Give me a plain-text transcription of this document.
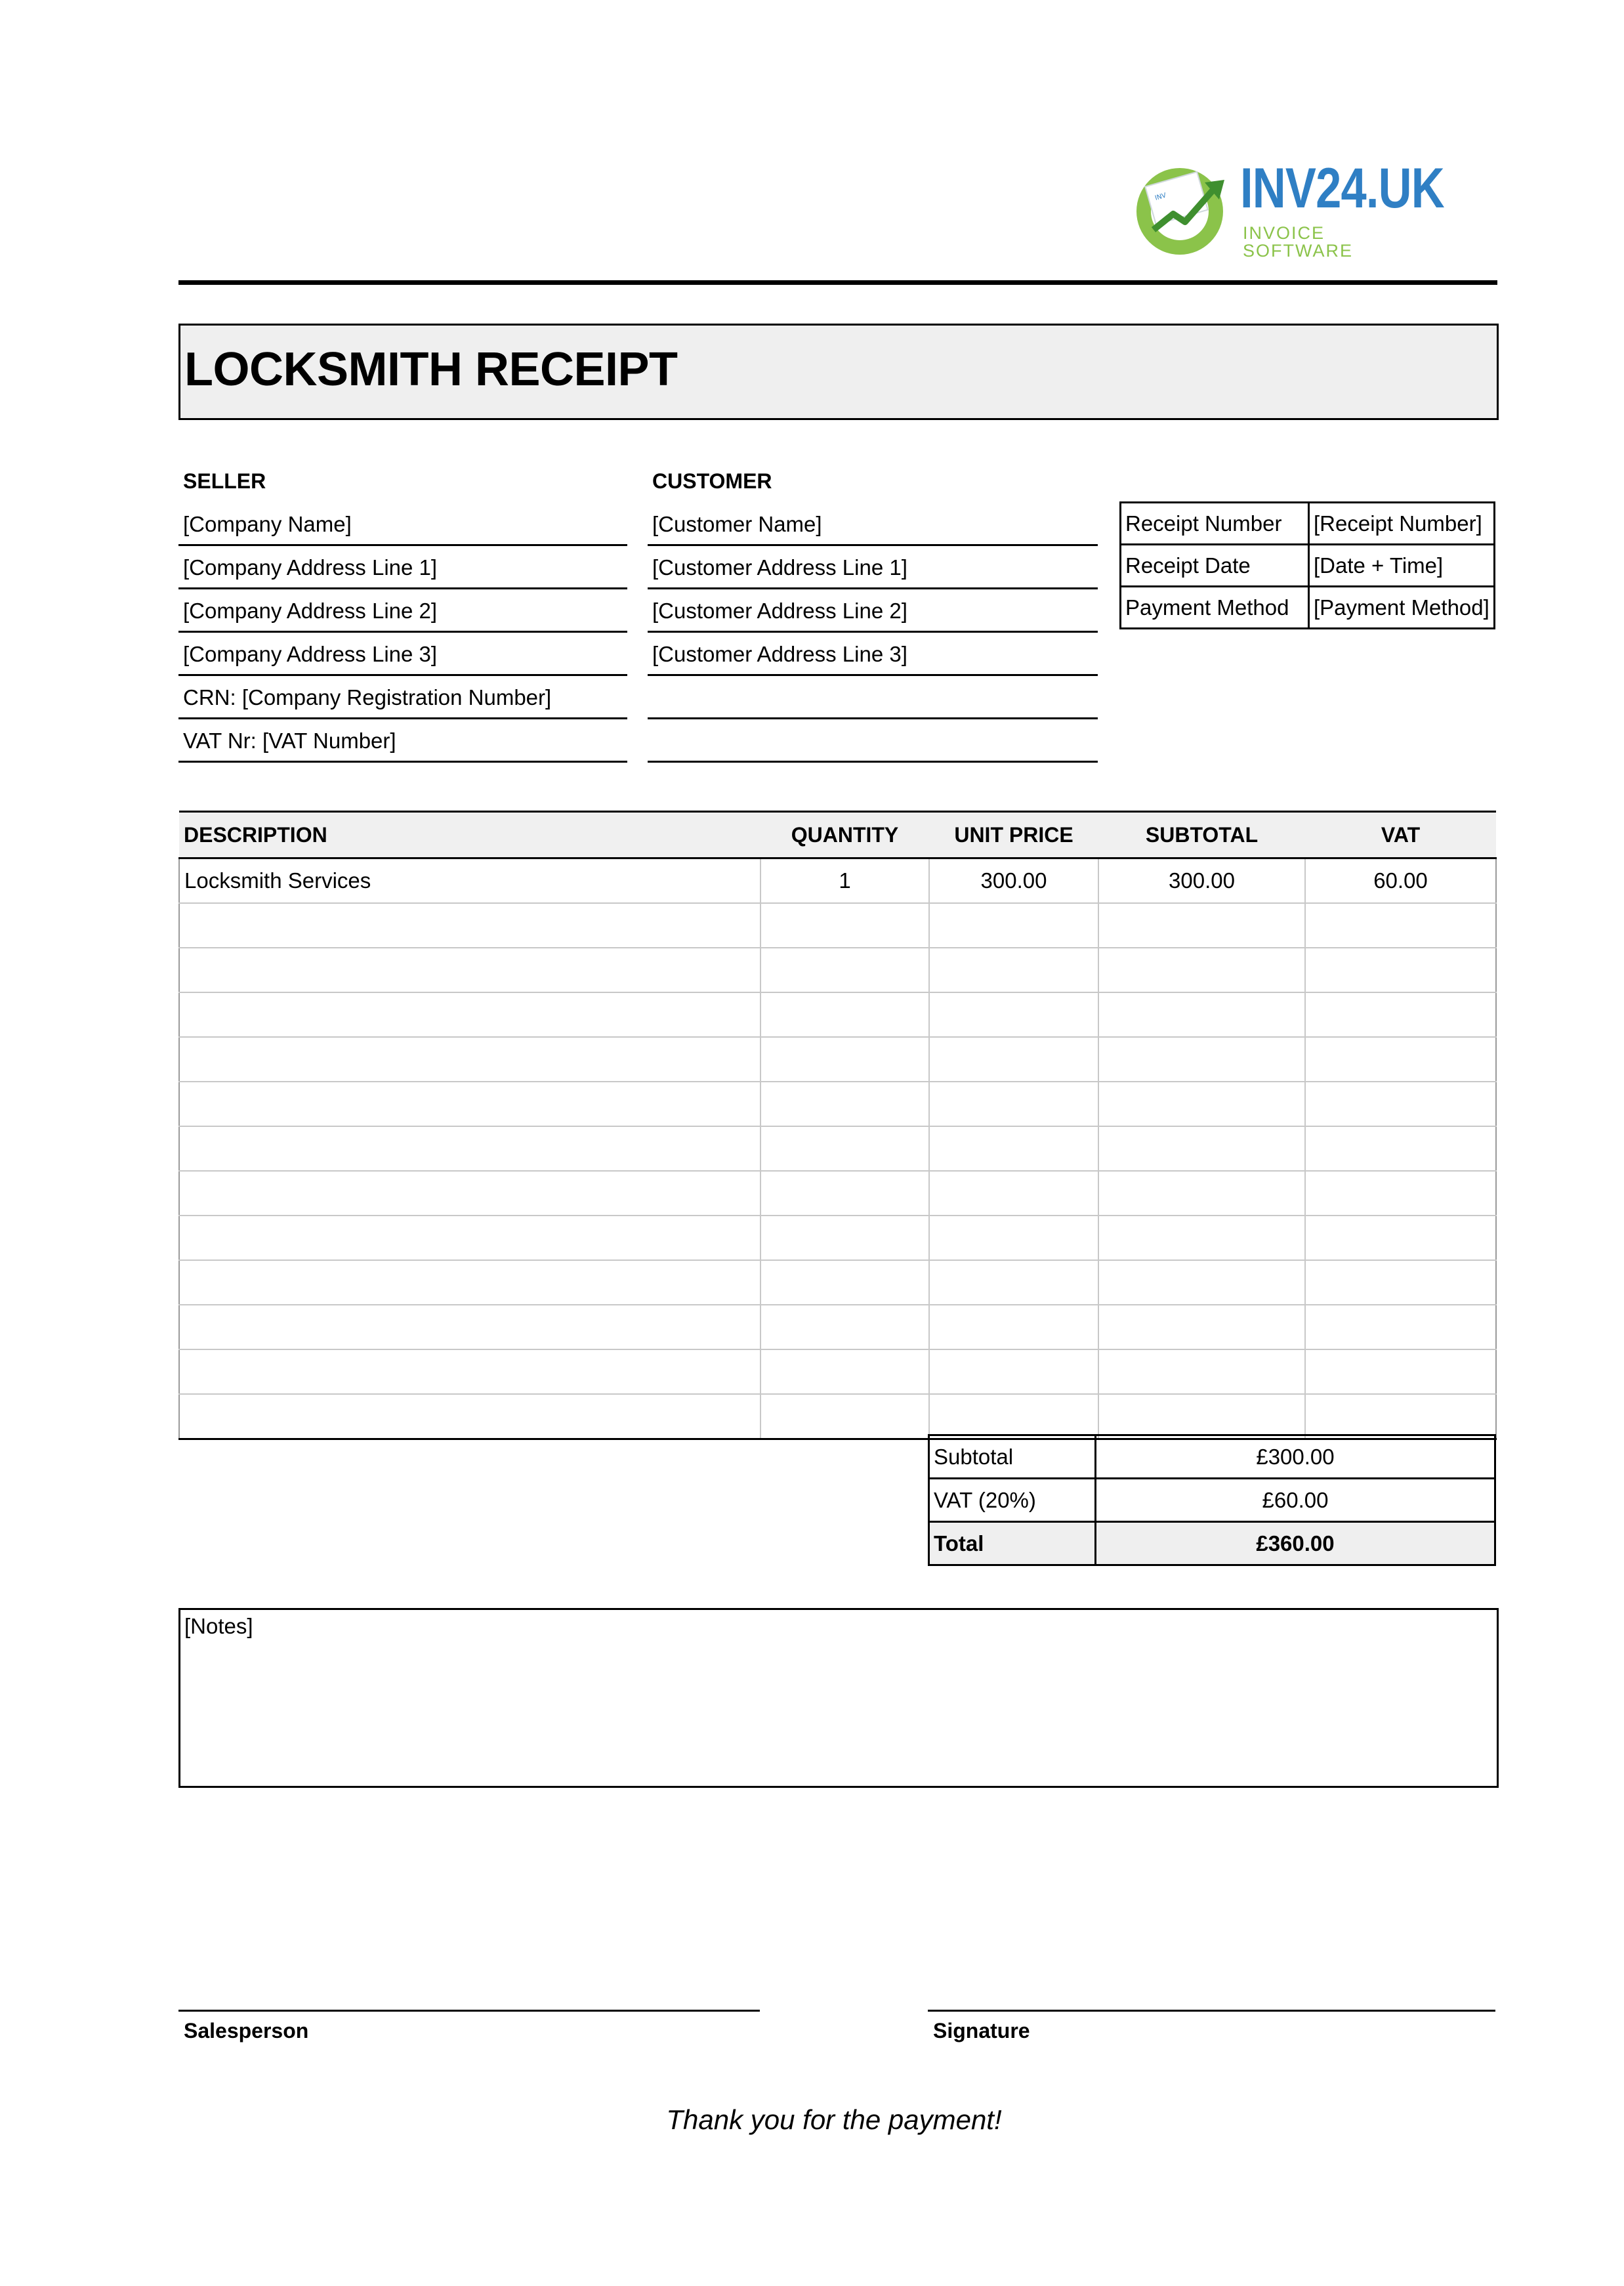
INV INV24.UK
INVOICE SOFTWARE
LOCKSMITH RECEIPT
SELLER
[Company Name]
[Company Address Line 1]
[Company Address Line 2]
[Company Address Line 3]
CRN: [Company Registration Number]
VAT Nr: [VAT Number]
CUSTOMER
[Customer Name]
[Customer Address Line 1]
[Customer Address Line 2]
[Customer Address Line 3]
Receipt Number	[Receipt Number]
Receipt Date	[Date + Time]
Payment Method	[Payment Method]
DESCRIPTION	QUANTITY	UNIT PRICE	SUBTOTAL	VAT
Locksmith Services	1	300.00	300.00	60.00

Subtotal	£300.00
VAT (20%)	£60.00
Total	£360.00
[Notes]
Salesperson	Signature
Thank you for the payment!
